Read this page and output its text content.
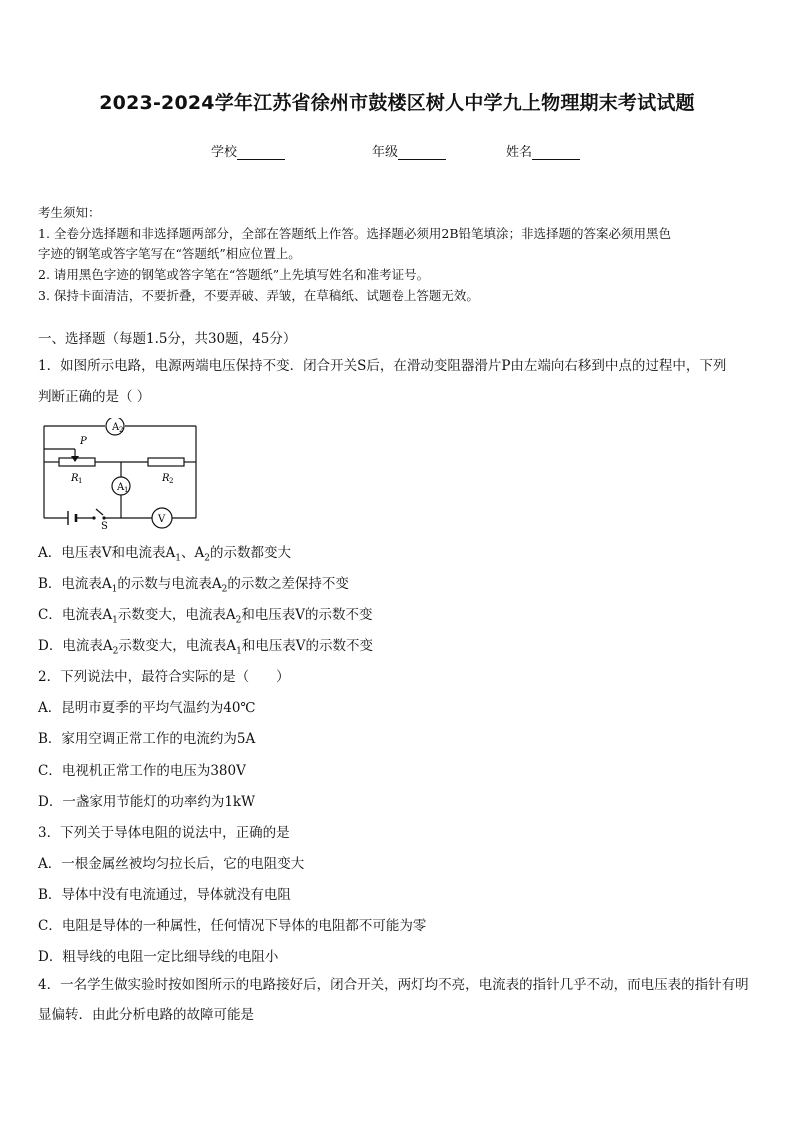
2023-2024学年江苏省徐州市鼓楼区树人中学九上物理期末考试试题
学校	年级	姓名
考生须知：
1. 全卷分选择题和非选择题两部分，全部在答题纸上作答。选择题必须用2B铅笔填涂；非选择题的答案必须用黑色
字迹的钢笔或答字笔写在“答题纸”相应位置上。
2. 请用黑色字迹的钢笔或答字笔在“答题纸”上先填写姓名和准考证号。
3. 保持卡面清洁，不要折叠，不要弄破、弄皱，在草稿纸、试题卷上答题无效。
一、选择题（每题1.5分，共30题，45分）
1．如图所示电路，电源两端电压保持不变．闭合开关S后，在滑动变阻器滑片P由左端向右移到中点的过程中，下列
判断正确的是（ ）
A 2
P
R 1	R 2
A 1
S
V
A．电压表V和电流表$A_1$、$A_2$的示数都变大
B．电流表$A_1$的示数与电流表$A_2$的示数之差保持不变
C．电流表$A_1$示数变大，电流表$A_2$和电压表V的示数不变
D．电流表$A_2$示数变大，电流表$A_1$和电压表V的示数不变
2．下列说法中，最符合实际的是（　　）
A．昆明市夏季的平均气温约为40℃
B．家用空调正常工作的电流约为5A
C．电视机正常工作的电压为380V
D．一盏家用节能灯的功率约为1kW
3．下列关于导体电阻的说法中，正确的是
A．一根金属丝被均匀拉长后，它的电阻变大
B．导体中没有电流通过，导体就没有电阻
C．电阻是导体的一种属性，任何情况下导体的电阻都不可能为零
D．粗导线的电阻一定比细导线的电阻小
4．一名学生做实验时按如图所示的电路接好后，闭合开关，两灯均不亮，电流表的指针几乎不动，而电压表的指针有明显偏转．由此分析电路的故障可能是
